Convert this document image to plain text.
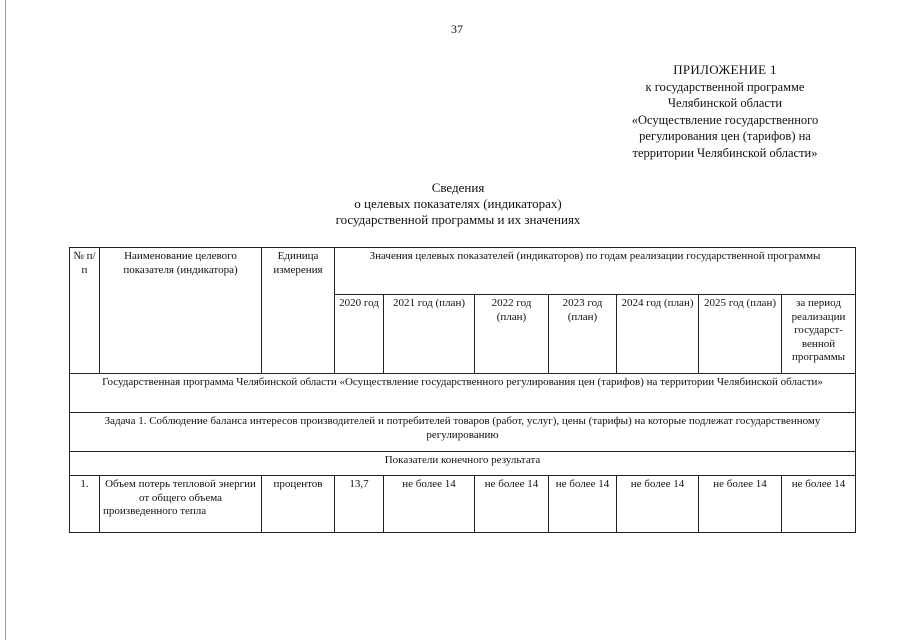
37
ПРИЛОЖЕНИЕ 1
к государственной программе
Челябинской области
«Осуществление государственного
регулирования цен (тарифов) на
территории Челябинской области»
Сведения
о целевых показателях (индикаторах)
государственной программы и их значениях
№ п/п	Наименование целевого показателя (индикатора)	Единица измерения	Значения целевых показателей (индикаторов) по годам реализации государственной программы						
			2020 год	2021 год (план)	2022 год (план)	2023 год (план)	2024 год (план)	2025 год (план)	за период реализации государст-венной программы
Государственная программа Челябинской области «Осуществление государственного регулирования цен (тарифов) на территории Челябинской области»									
Задача 1. Соблюдение баланса интересов производителей и потребителей товаров (работ, услуг), цены (тарифы) на которые подлежат государственному регулированию									
Показатели конечного результата									
1.	Объем потерь тепловой энергии от общего объема произведенного тепла	процентов	13,7	не более 14	не более 14	не более 14	не более 14	не более 14	не более 14
